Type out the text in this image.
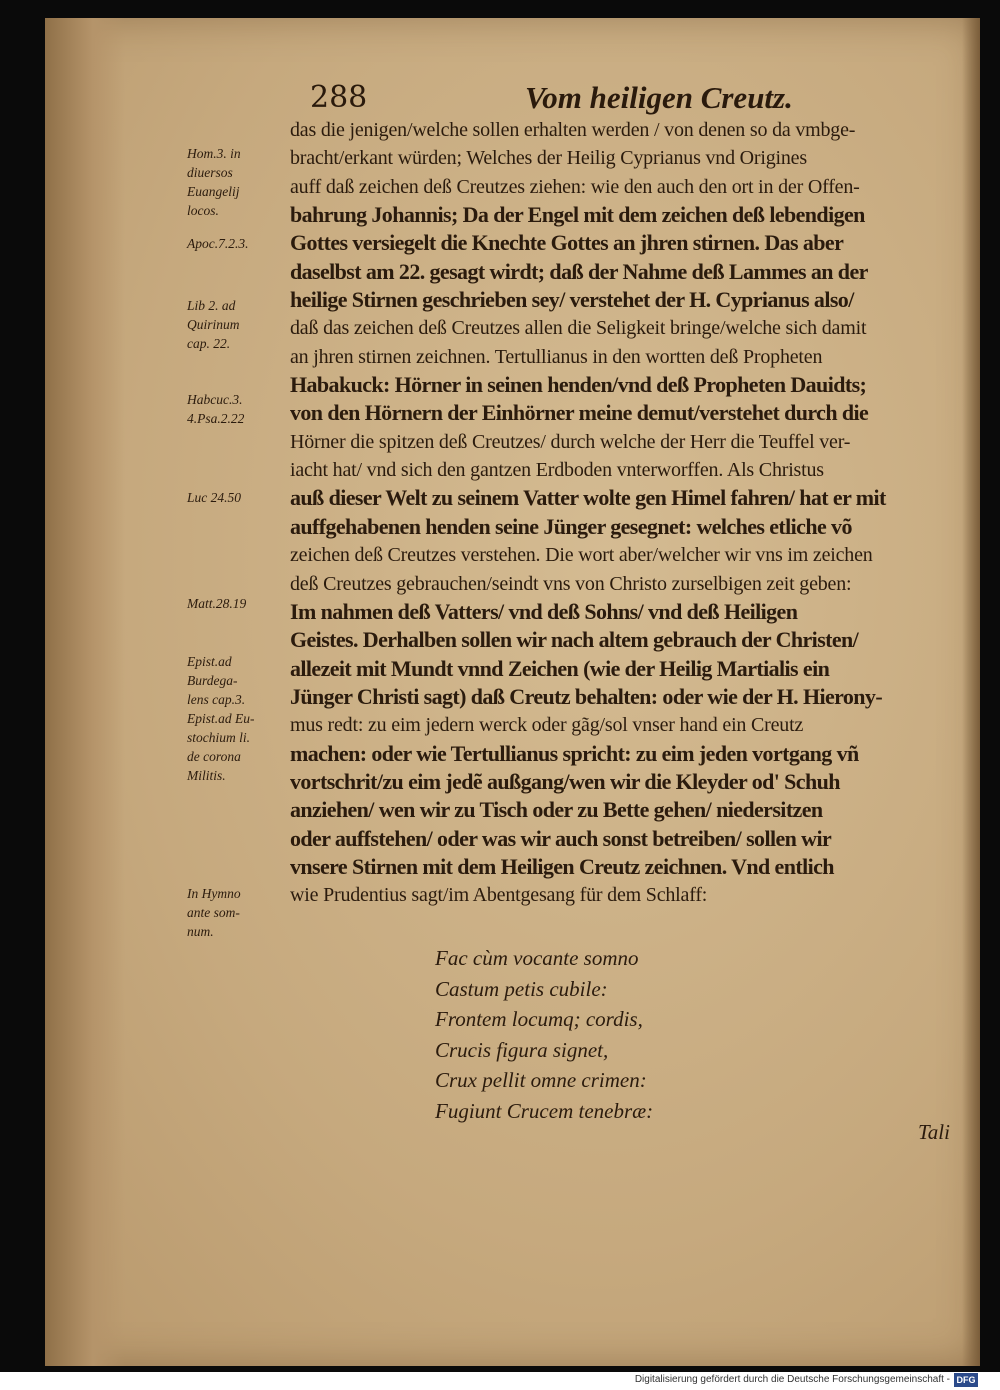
288	Vom heiligen Creutz.
das die jenigen/welche sollen erhalten werden / von denen so da vmbge-
bracht/erkant würden; Welches der Heilig Cyprianus vnd Origines
auff daß zeichen deß Creutzes ziehen: wie den auch den ort in der Offen-
bahrung Johannis; Da der Engel mit dem zeichen deß lebendigen
Gottes versiegelt die Knechte Gottes an jhren stirnen. Das aber
daselbst am 22. gesagt wirdt; daß der Nahme deß Lammes an der
heilige Stirnen geschrieben sey/ verstehet der H. Cyprianus also/
daß das zeichen deß Creutzes allen die Seligkeit bringe/welche sich damit
an jhren stirnen zeichnen. Tertullianus in den wortten deß Propheten
Habakuck: Hörner in seinen henden/vnd deß Propheten Dauidts;
von den Hörnern der Einhörner meine demut/verstehet durch die
Hörner die spitzen deß Creutzes/ durch welche der Herr die Teuffel ver-
iacht hat/ vnd sich den gantzen Erdboden vnterworffen. Als Christus
auß dieser Welt zu seinem Vatter wolte gen Himel fahren/ hat er mit
auffgehabenen henden seine Jünger gesegnet: welches etliche võ
zeichen deß Creutzes verstehen. Die wort aber/welcher wir vns im zeichen
deß Creutzes gebrauchen/seindt vns von Christo zurselbigen zeit geben:
Im nahmen deß Vatters/ vnd deß Sohns/ vnd deß Heiligen
Geistes. Derhalben sollen wir nach altem gebrauch der Christen/
allezeit mit Mundt vnnd Zeichen (wie der Heilig Martialis ein
Jünger Christi sagt) daß Creutz behalten: oder wie der H. Hierony-
mus redt: zu eim jedern werck oder gãg/sol vnser hand ein Creutz
machen: oder wie Tertullianus spricht: zu eim jeden vortgang vñ
vortschrit/zu eim jedẽ außgang/wen wir die Kleyder od' Schuh
anziehen/ wen wir zu Tisch oder zu Bette gehen/ niedersitzen
oder auffstehen/ oder was wir auch sonst betreiben/ sollen wir
vnsere Stirnen mit dem Heiligen Creutz zeichnen. Vnd entlich
wie Prudentius sagt/im Abentgesang für dem Schlaff:
Hom.3. in
diuersos
Euangelij
locos.
Apoc.7.2.3.
Lib 2. ad
Quirinum
cap. 22.
Habcuc.3.
4.Psa.2.22
Luc 24.50
Matt.28.19
Epist.ad
Burdega-
lens cap.3.
Epist.ad Eu-
stochium li.
de corona
Militis.
In Hymno
ante som-
num.
Fac cùm vocante somno
Castum petis cubile:
Frontem locumq; cordis,
Crucis figura signet,
Crux pellit omne crimen:
Fugiunt Crucem tenebræ:
Tali
Digitalisierung gefördert durch die Deutsche Forschungsgemeinschaft - DFG
